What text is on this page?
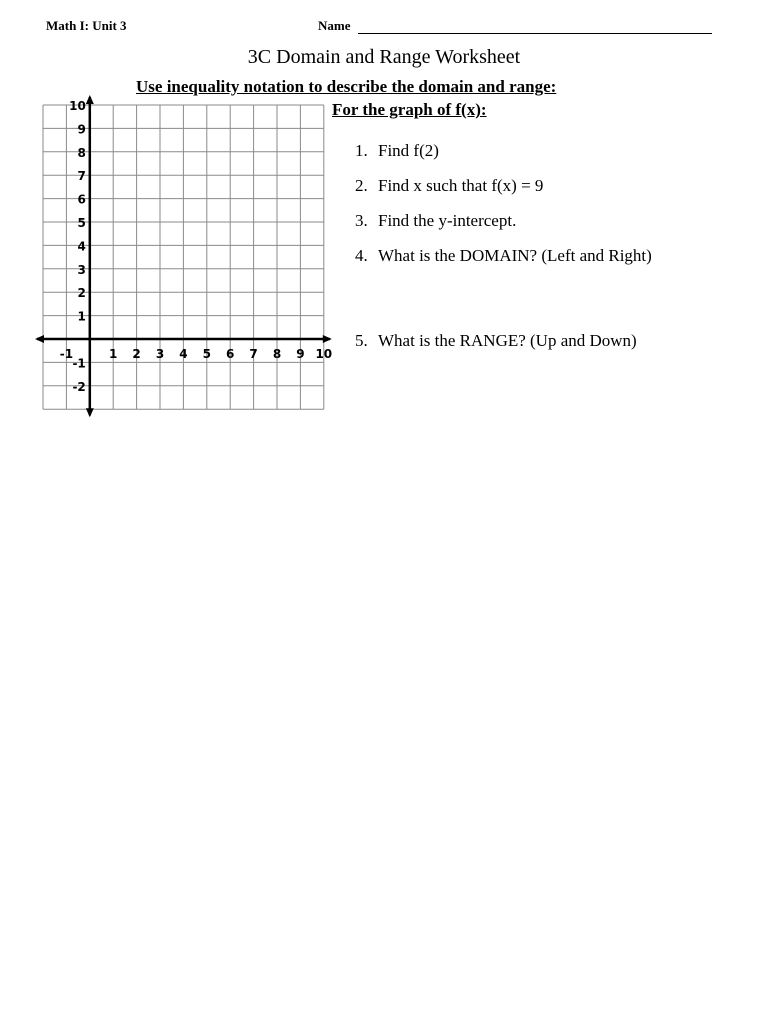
Math I: Unit 3	Name
3C Domain and Range Worksheet
Use inequality notation to describe the domain and range:
For the graph of f(x):
1. Find f(2)
2. Find x such that f(x) = 9
3. Find the y-intercept.
4. What is the DOMAIN? (Left and Right)
5. What is the RANGE? (Up and Down)
-1	1 2 3 4 5 6 7 8 9 10
10
9
8
7
6
5
4
3
2
1
-1
-2
